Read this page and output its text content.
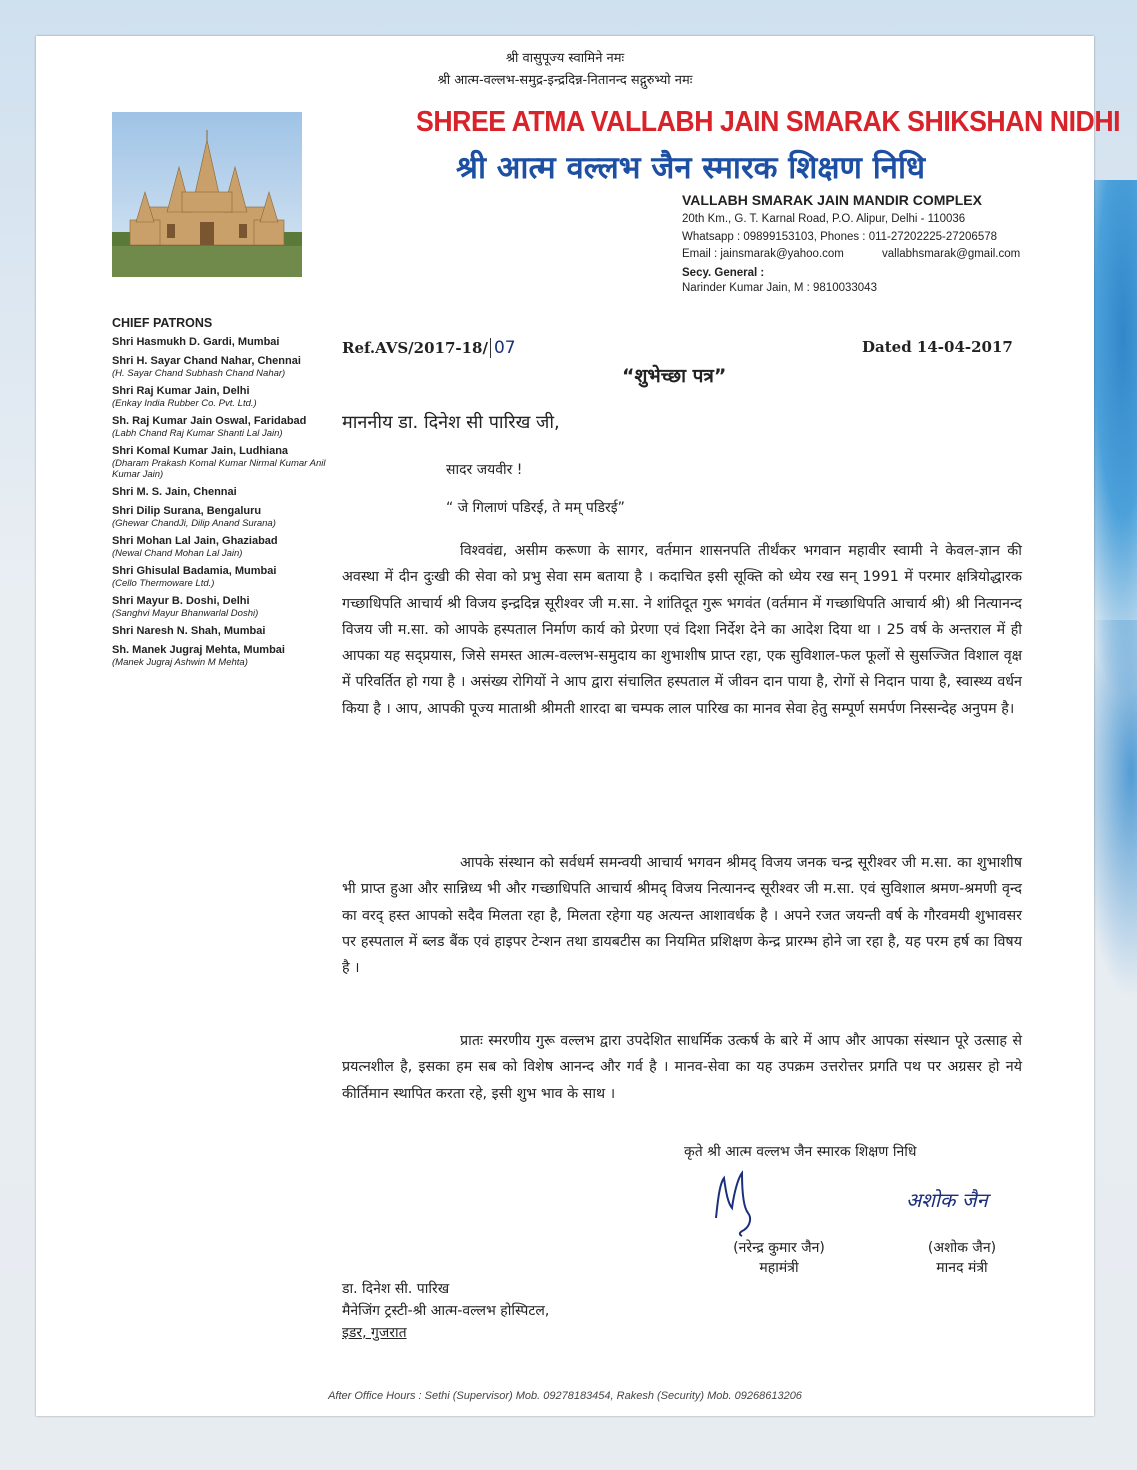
श्री वासुपूज्य स्वामिने नमः
श्री आत्म-वल्लभ-समुद्र-इन्द्रदिन्न-नितानन्द सद्गुरुभ्यो नमः
SHREE ATMA VALLABH JAIN SMARAK SHIKSHAN NIDHI
श्री आत्म वल्लभ जैन स्मारक शिक्षण निधि
VALLABH SMARAK JAIN MANDIR COMPLEX
20th Km., G. T. Karnal Road, P.O. Alipur, Delhi - 110036
Whatsapp : 09899153103, Phones : 011-27202225-27206578
Email : jainsmarak@yahoo.com	vallabhsmarak@gmail.com
Secy. General :
Narinder Kumar Jain, M : 9810033043
CHIEF PATRONS
Shri Hasmukh D. Gardi, Mumbai
Shri H. Sayar Chand Nahar, Chennai
(H. Sayar Chand Subhash Chand Nahar)
Shri Raj Kumar Jain, Delhi
(Enkay India Rubber Co. Pvt. Ltd.)
Sh. Raj Kumar Jain Oswal, Faridabad
(Labh Chand Raj Kumar Shanti Lal Jain)
Shri Komal Kumar Jain, Ludhiana
(Dharam Prakash Komal Kumar Nirmal Kumar Anil Kumar Jain)
Shri M. S. Jain, Chennai
Shri Dilip Surana, Bengaluru
(Ghewar ChandJi, Dilip Anand Surana)
Shri Mohan Lal Jain, Ghaziabad
(Newal Chand Mohan Lal Jain)
Shri Ghisulal Badamia, Mumbai
(Cello Thermoware Ltd.)
Shri Mayur B. Doshi, Delhi
(Sanghvi Mayur Bhanwarlal Doshi)
Shri Naresh N. Shah, Mumbai
Sh. Manek Jugraj Mehta, Mumbai
(Manek Jugraj Ashwin M Mehta)
Ref.AVS/2017-18/ 07	Dated 14-04-2017
“शुभेच्छा पत्र”
माननीय डा. दिनेश सी पारिख जी,
सादर जयवीर !
“ जे गिलाणं पडिरई, ते मम् पडिरई”

विश्ववंद्य, असीम करूणा के सागर, वर्तमान शासनपति तीर्थंकर भगवान महावीर स्वामी ने केवल-ज्ञान की अवस्था में दीन दुःखी की सेवा को प्रभु सेवा सम बताया है । कदाचित इसी सूक्ति को ध्येय रख सन् 1991 में परमार क्षत्रियोद्धारक गच्छाधिपति आचार्य श्री विजय इन्द्रदिन्न सूरीश्वर जी म.सा. ने शांतिदूत गुरू भगवंत (वर्तमान में गच्छाधिपति आचार्य श्री) श्री नित्यानन्द विजय जी म.सा. को आपके हस्पताल निर्माण कार्य को प्रेरणा एवं दिशा निर्देश देने का आदेश दिया था । 25 वर्ष के अन्तराल में ही आपका यह सद्प्रयास, जिसे समस्त आत्म-वल्लभ-समुदाय का शुभाशीष प्राप्त रहा, एक सुविशाल-फल फूलों से सुसज्जित विशाल वृक्ष में परिवर्तित हो गया है । असंख्य रोगियों ने आप द्वारा संचालित हस्पताल में जीवन दान पाया है, रोगों से निदान पाया है, स्वास्थ्य वर्धन किया है । आप, आपकी पूज्य माताश्री श्रीमती शारदा बा चम्पक लाल पारिख का मानव सेवा हेतु सम्पूर्ण समर्पण निस्सन्देह अनुपम है।

आपके संस्थान को सर्वधर्म समन्वयी आचार्य भगवन श्रीमद् विजय जनक चन्द्र सूरीश्वर जी म.सा. का शुभाशीष भी प्राप्त हुआ और सान्निध्य भी और गच्छाधिपति आचार्य श्रीमद् विजय नित्यानन्द सूरीश्वर जी म.सा. एवं सुविशाल श्रमण-श्रमणी वृन्द का वरद् हस्त आपको सदैव मिलता रहा है, मिलता रहेगा यह अत्यन्त आशावर्धक है । अपने रजत जयन्ती वर्ष के गौरवमयी शुभावसर पर हस्पताल में ब्लड बैंक एवं हाइपर टेन्शन तथा डायबटीस का नियमित प्रशिक्षण केन्द्र प्रारम्भ होने जा रहा है, यह परम हर्ष का विषय है ।

प्रातः स्मरणीय गुरू वल्लभ द्वारा उपदेशित साधर्मिक उत्कर्ष के बारे में आप और आपका संस्थान पूरे उत्साह से प्रयत्नशील है, इसका हम सब को विशेष आनन्द और गर्व है । मानव-सेवा का यह उपक्रम उत्तरोत्तर प्रगति पथ पर अग्रसर हो नये कीर्तिमान स्थापित करता रहे, इसी शुभ भाव के साथ ।

कृते श्री आत्म वल्लभ जैन स्मारक शिक्षण निधि
अशोक जैन
(नरेन्द्र कुमार जैन)
महामंत्री
(अशोक जैन)
मानद मंत्री
डा. दिनेश सी. पारिख
मैनेजिंग ट्रस्टी-श्री आत्म-वल्लभ होस्पिटल,
इडर, गुजरात
After Office Hours : Sethi (Supervisor) Mob. 09278183454, Rakesh (Security) Mob. 09268613206
